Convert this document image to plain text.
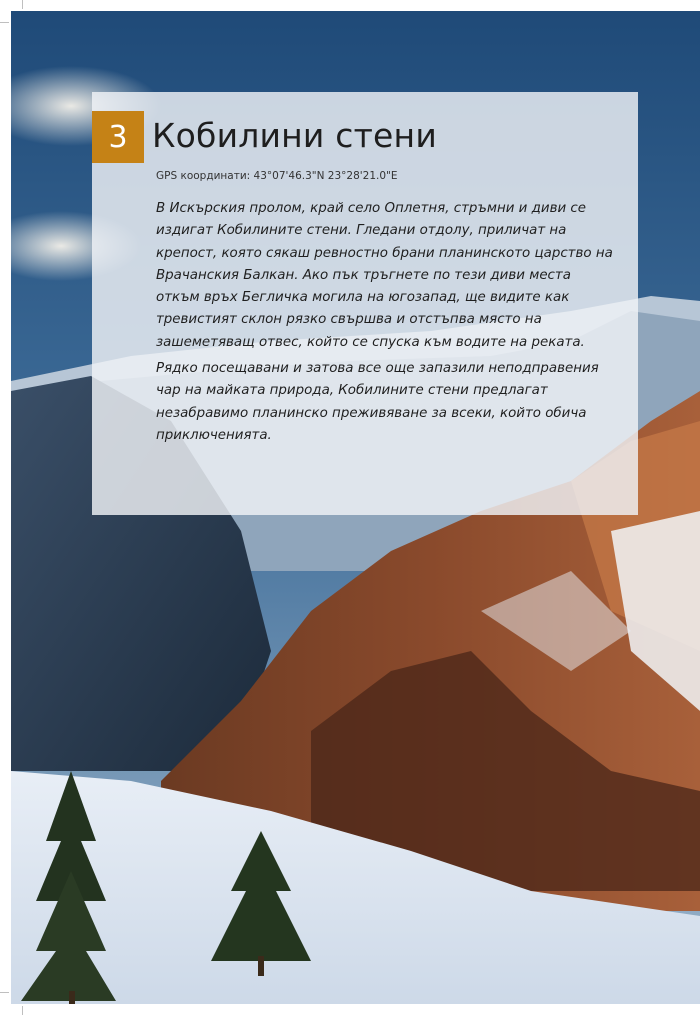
3 Кобилини стени
GPS координати: 43°07'46.3"N 23°28'21.0"E

В Искърския пролом, край село Оплетня, стръмни и диви се издигат Кобилините стени. Гледани отдолу, приличат на крепост, която сякаш ревностно брани планинското царство на Врачанския Балкан. Ако пък тръгнете по тези диви места откъм връх Бегличка могила на югозапад, ще видите как тревистият склон рязко свършва и отстъпва място на зашеметяващ отвес, който се спуска към водите на реката.

Рядко посещавани и затова все още запазили неподправения чар на майката природа, Кобилините стени предлагат незабравимо планинско преживяване за всеки, който обича приключенията.
